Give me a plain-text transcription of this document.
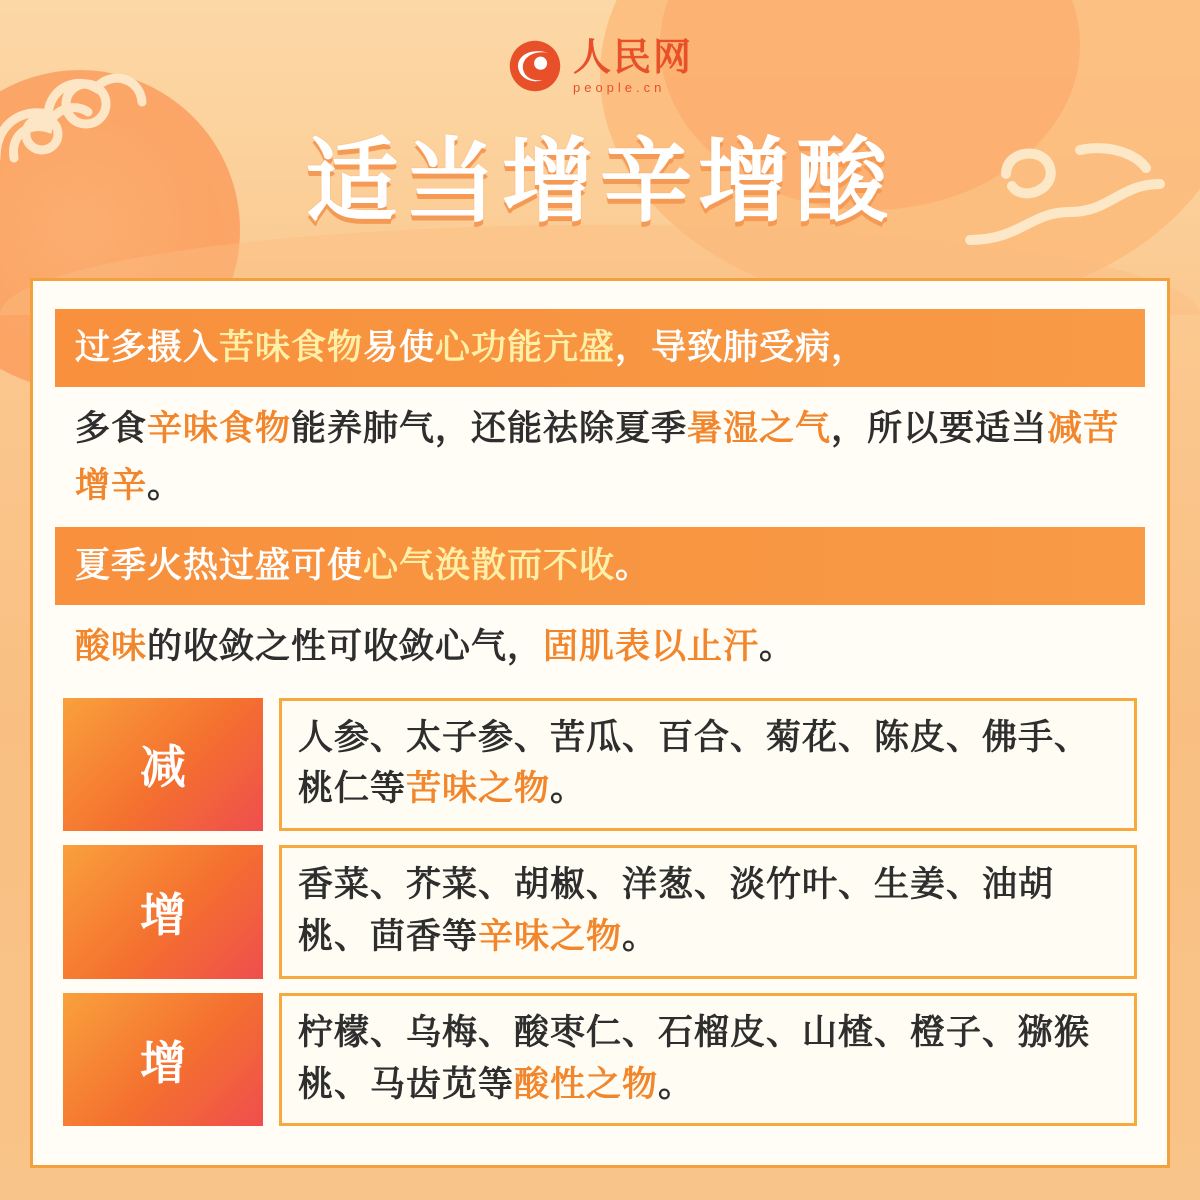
人民网
people.cn
适当增辛增酸
过多摄入苦味食物易使心功能亢盛，导致肺受病，
多食辛味食物能养肺气，还能祛除夏季暑湿之气，所以要适当减苦增辛。
夏季火热过盛可使心气涣散而不收。
酸味的收敛之性可收敛心气，固肌表以止汗。
减
人参、太子参、苦瓜、百合、菊花、陈皮、佛手、桃仁等苦味之物。
增
香菜、芥菜、胡椒、洋葱、淡竹叶、生姜、油胡桃、茴香等辛味之物。
增
柠檬、乌梅、酸枣仁、石榴皮、山楂、橙子、猕猴桃、马齿苋等酸性之物。
